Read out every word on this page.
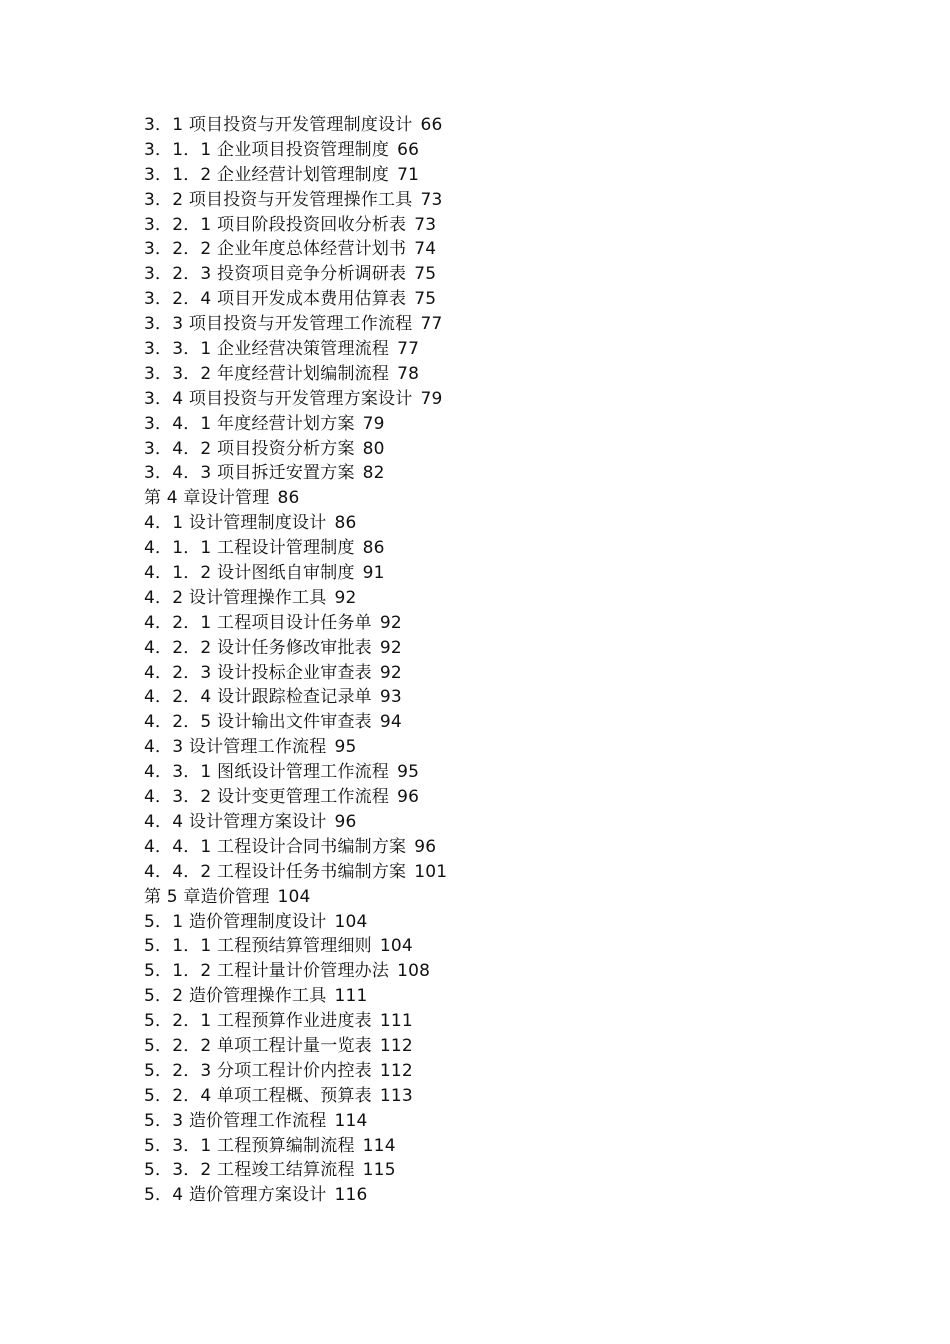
3．1 项目投资与开发管理制度设计 66
3．1．1 企业项目投资管理制度 66
3．1．2 企业经营计划管理制度 71
3．2 项目投资与开发管理操作工具 73
3．2．1 项目阶段投资回收分析表 73
3．2．2 企业年度总体经营计划书 74
3．2．3 投资项目竞争分析调研表 75
3．2．4 项目开发成本费用估算表 75
3．3 项目投资与开发管理工作流程 77
3．3．1 企业经营决策管理流程 77
3．3．2 年度经营计划编制流程 78
3．4 项目投资与开发管理方案设计 79
3．4．1 年度经营计划方案 79
3．4．2 项目投资分析方案 80
3．4．3 项目拆迁安置方案 82
第 4 章设计管理 86
4．1 设计管理制度设计 86
4．1．1 工程设计管理制度 86
4．1．2 设计图纸自审制度 91
4．2 设计管理操作工具 92
4．2．1 工程项目设计任务单 92
4．2．2 设计任务修改审批表 92
4．2．3 设计投标企业审查表 92
4．2．4 设计跟踪检查记录单 93
4．2．5 设计输出文件审查表 94
4．3 设计管理工作流程 95
4．3．1 图纸设计管理工作流程 95
4．3．2 设计变更管理工作流程 96
4．4 设计管理方案设计 96
4．4．1 工程设计合同书编制方案 96
4．4．2 工程设计任务书编制方案 101
第 5 章造价管理 104
5．1 造价管理制度设计 104
5．1．1 工程预结算管理细则 104
5．1．2 工程计量计价管理办法 108
5．2 造价管理操作工具 111
5．2．1 工程预算作业进度表 111
5．2．2 单项工程计量一览表 112
5．2．3 分项工程计价内控表 112
5．2．4 单项工程概、预算表 113
5．3 造价管理工作流程 114
5．3．1 工程预算编制流程 114
5．3．2 工程竣工结算流程 115
5．4 造价管理方案设计 116
